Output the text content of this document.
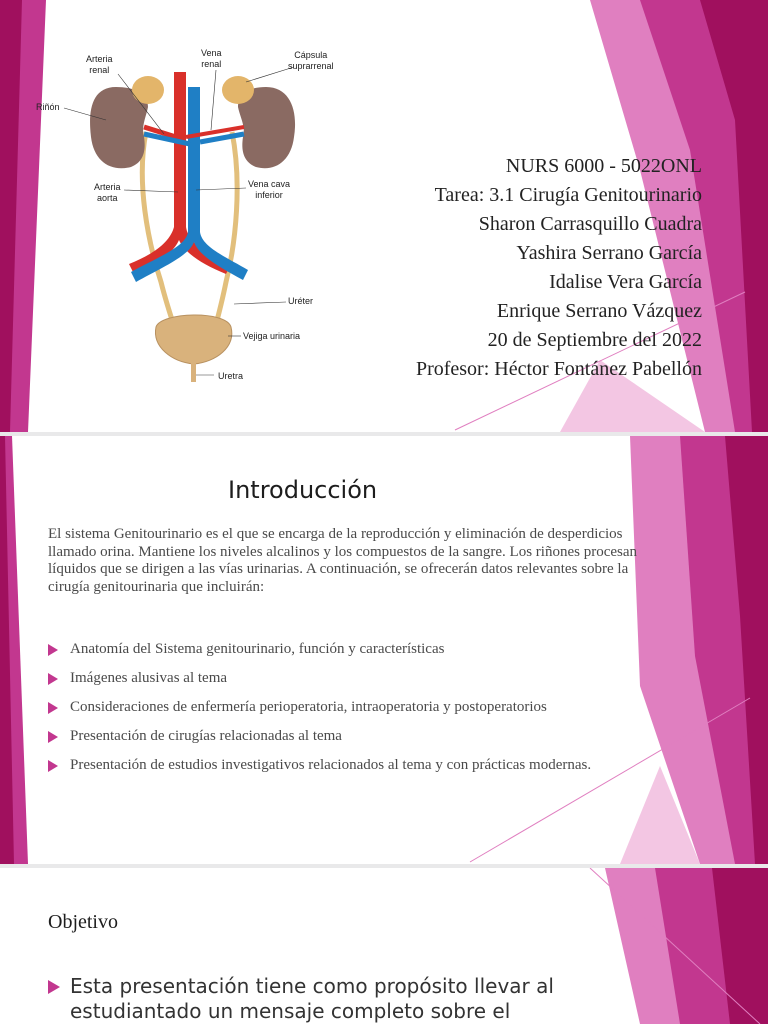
Arteria
renal
Vena
renal
Cápsula
suprarrenal
Riñón
Arteria
aorta
Vena cava
inferior
Uréter
Vejiga urinaria
Uretra
NURS 6000 - 5022ONL
Tarea: 3.1 Cirugía Genitourinario
Sharon Carrasquillo Cuadra
Yashira Serrano García
Idalise Vera García
Enrique Serrano Vázquez
20 de Septiembre del 2022
Profesor: Héctor Fontánez Pabellón
Introducción
El sistema Genitourinario es el que se encarga de la reproducción y eliminación de desperdicios llamado orina. Mantiene los niveles alcalinos y los compuestos de la sangre. Los riñones procesan líquidos que se dirigen a las vías urinarias. A continuación, se ofrecerán datos relevantes sobre la cirugía genitourinaria que incluirán:
Anatomía del Sistema genitourinario, función y características
Imágenes alusivas al tema
Consideraciones de enfermería perioperatoria, intraoperatoria y postoperatorios
Presentación de cirugías relacionadas al tema
Presentación de estudios investigativos relacionados al tema y con prácticas modernas.
Objetivo
Esta presentación tiene como propósito llevar al estudiantado un mensaje completo sobre el
